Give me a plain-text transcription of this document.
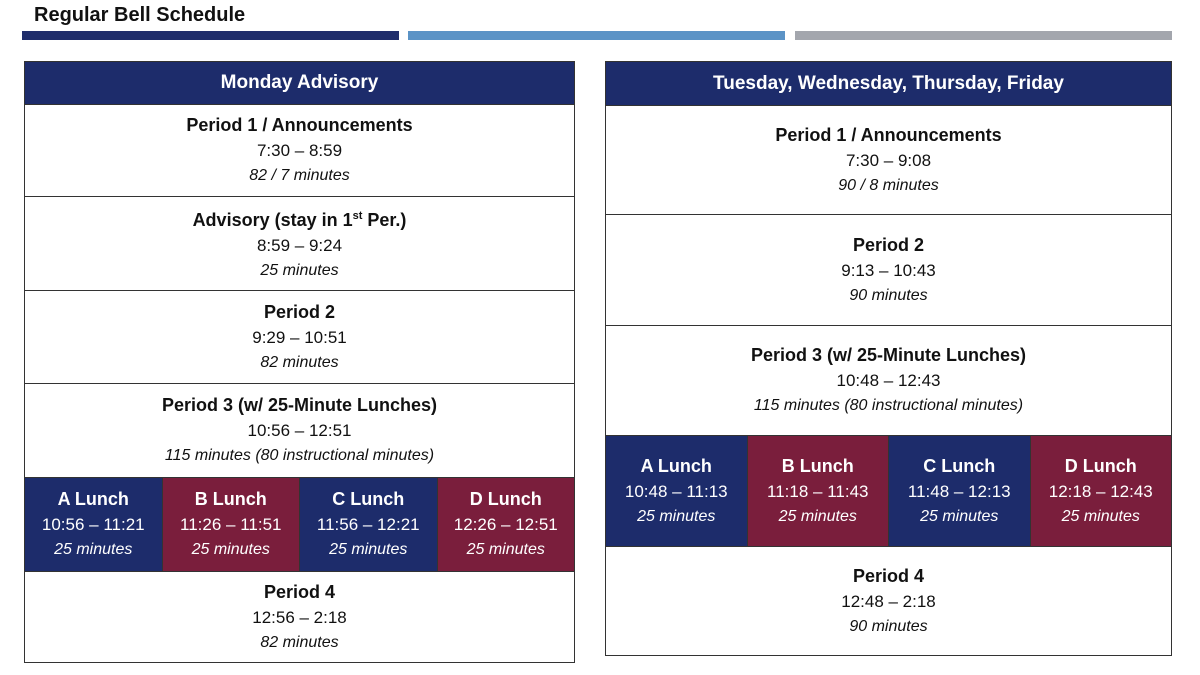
Regular Bell Schedule
Monday Advisory
Period 1 / Announcements
7:30 – 8:59
82 / 7 minutes
Advisory (stay in 1st Per.)
8:59 – 9:24
25 minutes
Period 2
9:29 – 10:51
82 minutes
Period 3 (w/ 25-Minute Lunches)
10:56 – 12:51
115 minutes (80 instructional minutes)
A Lunch
10:56 – 11:21
25 minutes
B Lunch
11:26 – 11:51
25 minutes
C Lunch
11:56 – 12:21
25 minutes
D Lunch
12:26 – 12:51
25 minutes
Period 4
12:56 – 2:18
82 minutes
Tuesday, Wednesday, Thursday, Friday
Period 1 / Announcements
7:30 – 9:08
90 / 8 minutes
Period 2
9:13 – 10:43
90 minutes
Period 3 (w/ 25-Minute Lunches)
10:48 – 12:43
115 minutes (80 instructional minutes)
A Lunch
10:48 – 11:13
25 minutes
B Lunch
11:18 – 11:43
25 minutes
C Lunch
11:48 – 12:13
25 minutes
D Lunch
12:18 – 12:43
25 minutes
Period 4
12:48 – 2:18
90 minutes
